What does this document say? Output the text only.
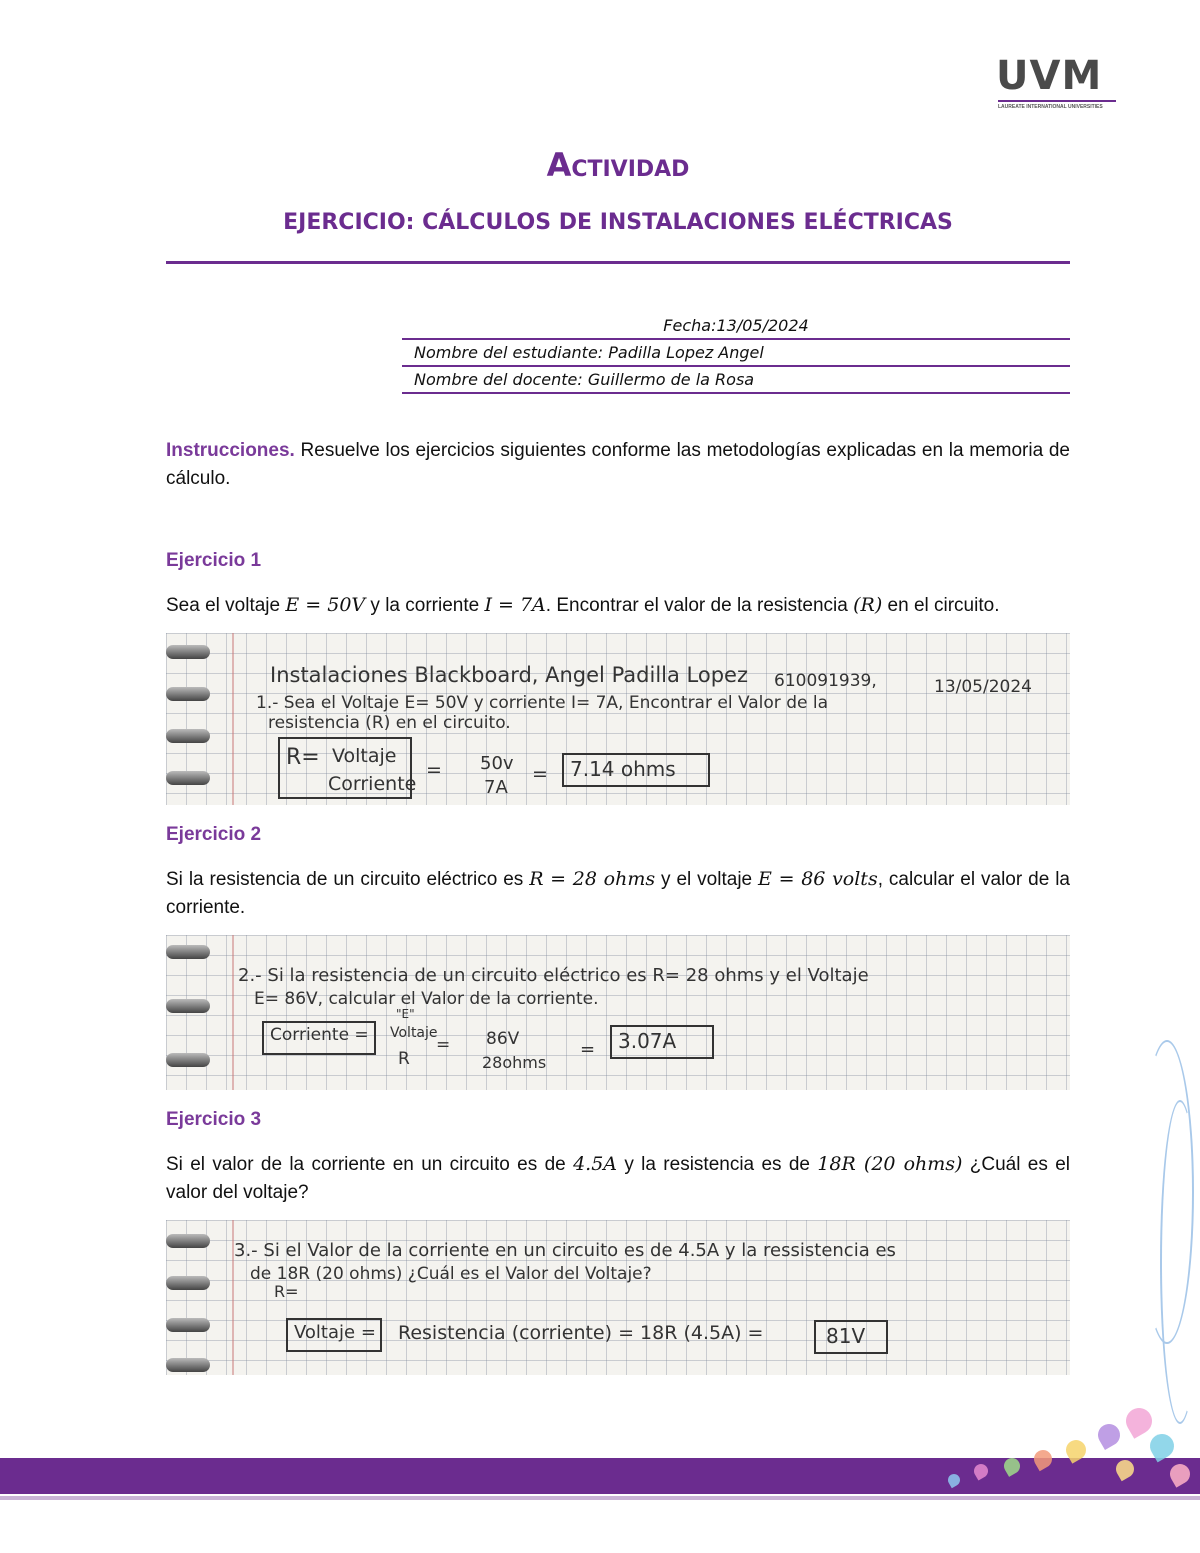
UVM
LAUREATE INTERNATIONAL UNIVERSITIES
Actividad
EJERCICIO: CÁLCULOS DE INSTALACIONES ELÉCTRICAS
Fecha:13/05/2024
Nombre del estudiante: Padilla Lopez Angel
Nombre del docente: Guillermo de la Rosa
Instrucciones. Resuelve los ejercicios siguientes conforme las metodologías explicadas en la memoria de cálculo.
Ejercicio 1
Sea el voltaje E = 50V y la corriente I = 7A. Encontrar el valor de la resistencia (R) en el circuito.
Instalaciones Blackboard, Angel Padilla Lopez 610091939,	13/05/2024
1.- Sea el Voltaje E= 50V y corriente I= 7A, Encontrar el Valor de la
resistencia (R) en el circuito.
R= Voltaje
Corriente
= 50v
7A
= 7.14 ohms
Ejercicio 2
Si la resistencia de un circuito eléctrico es R = 28 ohms y el voltaje E = 86 volts, calcular el valor de la corriente.
2.- Si la resistencia de un circuito eléctrico es R= 28 ohms y el Voltaje
E= 86V, calcular el Valor de la corriente.
"E"
Corriente = Voltaje
R
= 86V
28ohms
= 3.07A
Ejercicio 3
Si el valor de la corriente en un circuito es de 4.5A y la resistencia es de 18R (20 ohms) ¿Cuál es el valor del voltaje?
3.- Si el Valor de la corriente en un circuito es de 4.5A y la ressistencia es
de 18R (20 ohms) ¿Cuál es el Valor del Voltaje?
R=
Voltaje = Resistencia (corriente) = 18R (4.5A) =	81V
